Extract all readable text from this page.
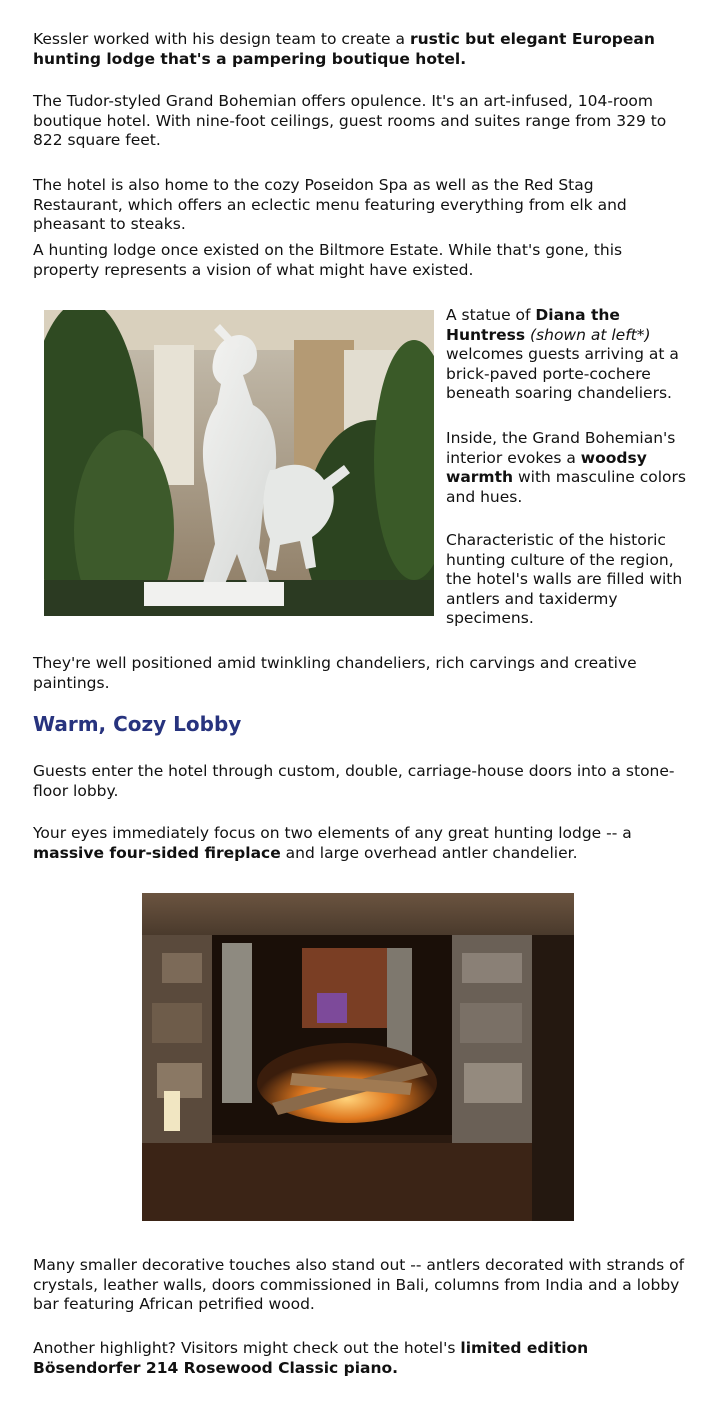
Kessler worked with his design team to create a rustic but elegant European hunting lodge that's a pampering boutique hotel.

The Tudor-styled Grand Bohemian offers opulence. It's an art-infused, 104-room boutique hotel. With nine-foot ceilings, guest rooms and suites range from 329 to 822 square feet.

The hotel is also home to the cozy Poseidon Spa as well as the Red Stag Restaurant, which offers an eclectic menu featuring everything from elk and pheasant to steaks.

A hunting lodge once existed on the Biltmore Estate. While that's gone, this property represents a vision of what might have existed.

A statue of Diana the Huntress (shown at left*) welcomes guests arriving at a brick-paved porte-cochere beneath soaring chandeliers.

Inside, the Grand Bohemian's interior evokes a woodsy warmth with masculine colors and hues.

Characteristic of the historic hunting culture of the region, the hotel's walls are filled with antlers and taxidermy specimens.

They're well positioned amid twinkling chandeliers, rich carvings and creative paintings.

Warm, Cozy Lobby

Guests enter the hotel through custom, double, carriage-house doors into a stone-floor lobby.

Your eyes immediately focus on two elements of any great hunting lodge -- a massive four-sided fireplace and large overhead antler chandelier.

Many smaller decorative touches also stand out -- antlers decorated with strands of crystals, leather walls, doors commissioned in Bali, columns from India and a lobby bar featuring African petrified wood.

Another highlight? Visitors might check out the hotel's limited edition Bösendorfer 214 Rosewood Classic piano.
